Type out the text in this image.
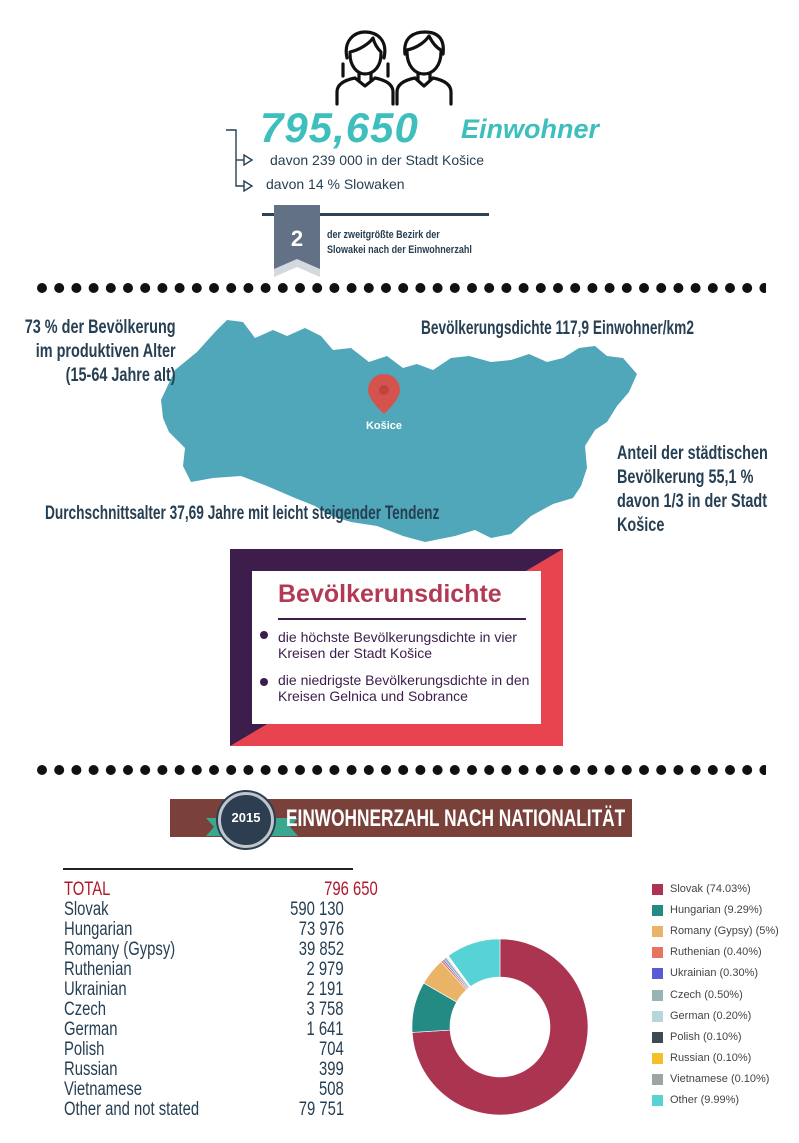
795,650 Einwohner
davon 239 000 in der Stadt Košice
davon 14 % Slowaken
2	der zweitgrößte Bezirk der
Slowakei nach der Einwohnerzahl
Košice
73 % der Bevölkerung im produktiven Alter (15-64 Jahre alt)
Bevölkerungsdichte 117,9 Einwohner/km2
Anteil der städtischen Bevölkerung 55,1 % davon 1/3 in der Stadt Košice
Durchschnittsalter 37,69 Jahre mit leicht steigender Tendenz
Bevölkerunsdichte
die höchste Bevölkerungsdichte in vier Kreisen der Stadt Košice
die niedrigste Bevölkerungsdichte in den Kreisen Gelnica und Sobrance
2015	EINWOHNERZAHL NACH NATIONALITÄT
TOTAL	796 650
Slovak	590 130
Hungarian	73 976
Romany (Gypsy)	39 852
Ruthenian	2 979
Ukrainian	2 191
Czech	3 758
German	1 641
Polish	704
Russian	399
Vietnamese	508
Other and not stated	79 751
Slovak (74.03%)
Hungarian (9.29%)
Romany (Gypsy) (5%)
Ruthenian (0.40%)
Ukrainian (0.30%)
Czech (0.50%)
German (0.20%)
Polish (0.10%)
Russian (0.10%)
Vietnamese (0.10%)
Other (9.99%)
